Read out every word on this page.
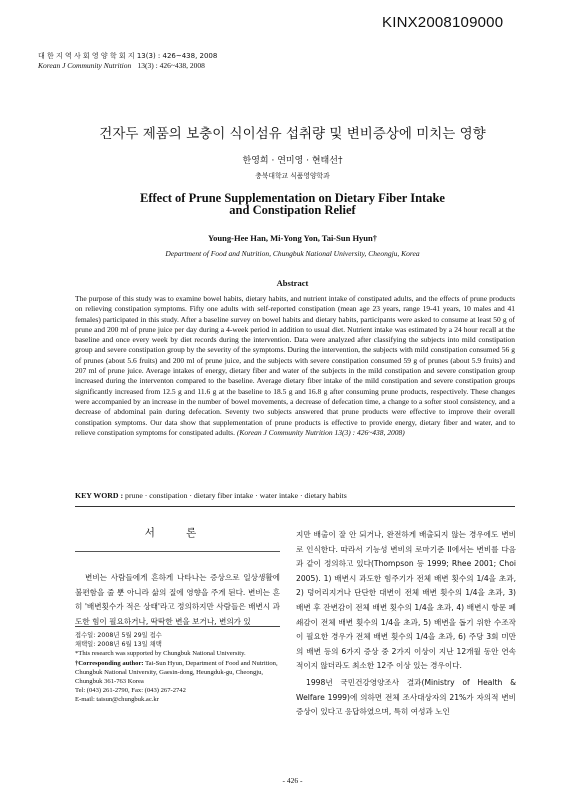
KINX2008109000
대 한 지 역 사 회 영 양 학 회 지 13(3) : 426~438, 2008
Korean J Community Nutrition 13(3) : 426~438, 2008
건자두 제품의 보충이 식이섬유 섭취량 및 변비증상에 미치는 영향
한영희 · 연미영 · 현태선†
충북대학교 식품영양학과
Effect of Prune Supplementation on Dietary Fiber Intake
and Constipation Relief
Young-Hee Han, Mi-Yong Yon, Tai-Sun Hyun†
Department of Food and Nutrition, Chungbuk National University, Cheongju, Korea
Abstract
The purpose of this study was to examine bowel habits, dietary habits, and nutrient intake of constipated adults, and the effects of prune products on relieving constipation symptoms. Fifty one adults with self-reported constipation (mean age 23 years, range 19-41 years, 10 males and 41 females) participated in this study. After a baseline survey on bowel habits and dietary habits, participants were asked to consume at least 50 g of prune and 200 ml of prune juice per day during a 4-week period in addition to usual diet. Nutrient intake was estimated by a 24 hour recall at the baseline and once every week by diet records during the intervention. Data were analyzed after classifying the subjects into mild constipation group and severe constipation group by the severity of the symptoms. During the intervention, the subjects with mild constipation consumed 56 g of prunes (about 5.6 fruits) and 200 ml of prune juice, and the subjects with severe constipation consumed 59 g of prunes (about 5.9 fruits) and 207 ml of prune juice. Average intakes of energy, dietary fiber and water of the subjects in the mild constipation and severe constipation group increased during the interventon compared to the baseline. Average dietary fiber intake of the mild constipation and severe constipation groups significantly increased from 12.5 g and 11.6 g at the baseline to 18.5 g and 16.8 g after consuming prune products, respectively. These changes were accompanied by an increase in the number of bowel movements, a decrease of defecation time, a change to a softer stool consistency, and a decrease of abdominal pain during defecation. Seventy two subjects answered that prune products were effective to improve their overall constipation symptoms. Our data show that supplementation of prune products is effective to provide energy, dietary fiber and water, and to relieve constipation symptoms for constipated adults. (Korean J Community Nutrition 13(3) : 426~438, 2008)
KEY WORD : prune · constipation · dietary fiber intake · water intake · dietary habits
서 론
변비는 사람들에게 흔하게 나타나는 증상으로 일상생활에 불편함을 줄 뿐 아니라 삶의 질에 영향을 주게 된다. 변비는 흔히 '배변횟수가 적은 상태'라고 정의하지만 사람들은 배변시 과도한 힘이 필요하거나, 딱딱한 변을 보거나, 변의가 있
접수일: 2008년 5월 29일 접수
채택일: 2008년 6월 13일 채택
*This research was supported by Chungbuk National University.
†Corresponding author: Tai-Sun Hyun, Department of Food and Nutrition, Chungbuk National University, Gaesin-dong, Heungduk-gu, Cheongju, Chungbuk 361-763 Korea
Tel: (043) 261-2790, Fax: (043) 267-2742
E-mail: taisun@chungbuk.ac.kr
지만 배출이 잘 안 되거나, 완전하게 배출되지 않는 경우에도 변비로 인식한다. 따라서 기능성 변비의 로마기준 II에서는 변비를 다음과 같이 정의하고 있다(Thompson 등 1999; Rhee 2001; Choi 2005). 1) 배변시 과도한 힘주기가 전체 배변 횟수의 1/4을 초과, 2) 덩어리지거나 단단한 대변이 전체 배변 횟수의 1/4을 초과, 3) 배변 후 잔변감이 전체 배변 횟수의 1/4을 초과, 4) 배변시 항문 폐쇄감이 전체 배변 횟수의 1/4을 초과, 5) 배변을 돕기 위한 수조작이 필요한 경우가 전체 배변 횟수의 1/4을 초과, 6) 주당 3회 미만의 배변 등의 6가지 증상 중 2가지 이상이 지난 12개월 동안 연속적이지 않더라도 최소한 12주 이상 있는 경우이다.
1998년 국민건강영양조사 결과(Ministry of Health & Welfare 1999)에 의하면 전체 조사대상자의 21%가 자의적 변비증상이 있다고 응답하였으며, 특히 여성과 노인
- 426 -
